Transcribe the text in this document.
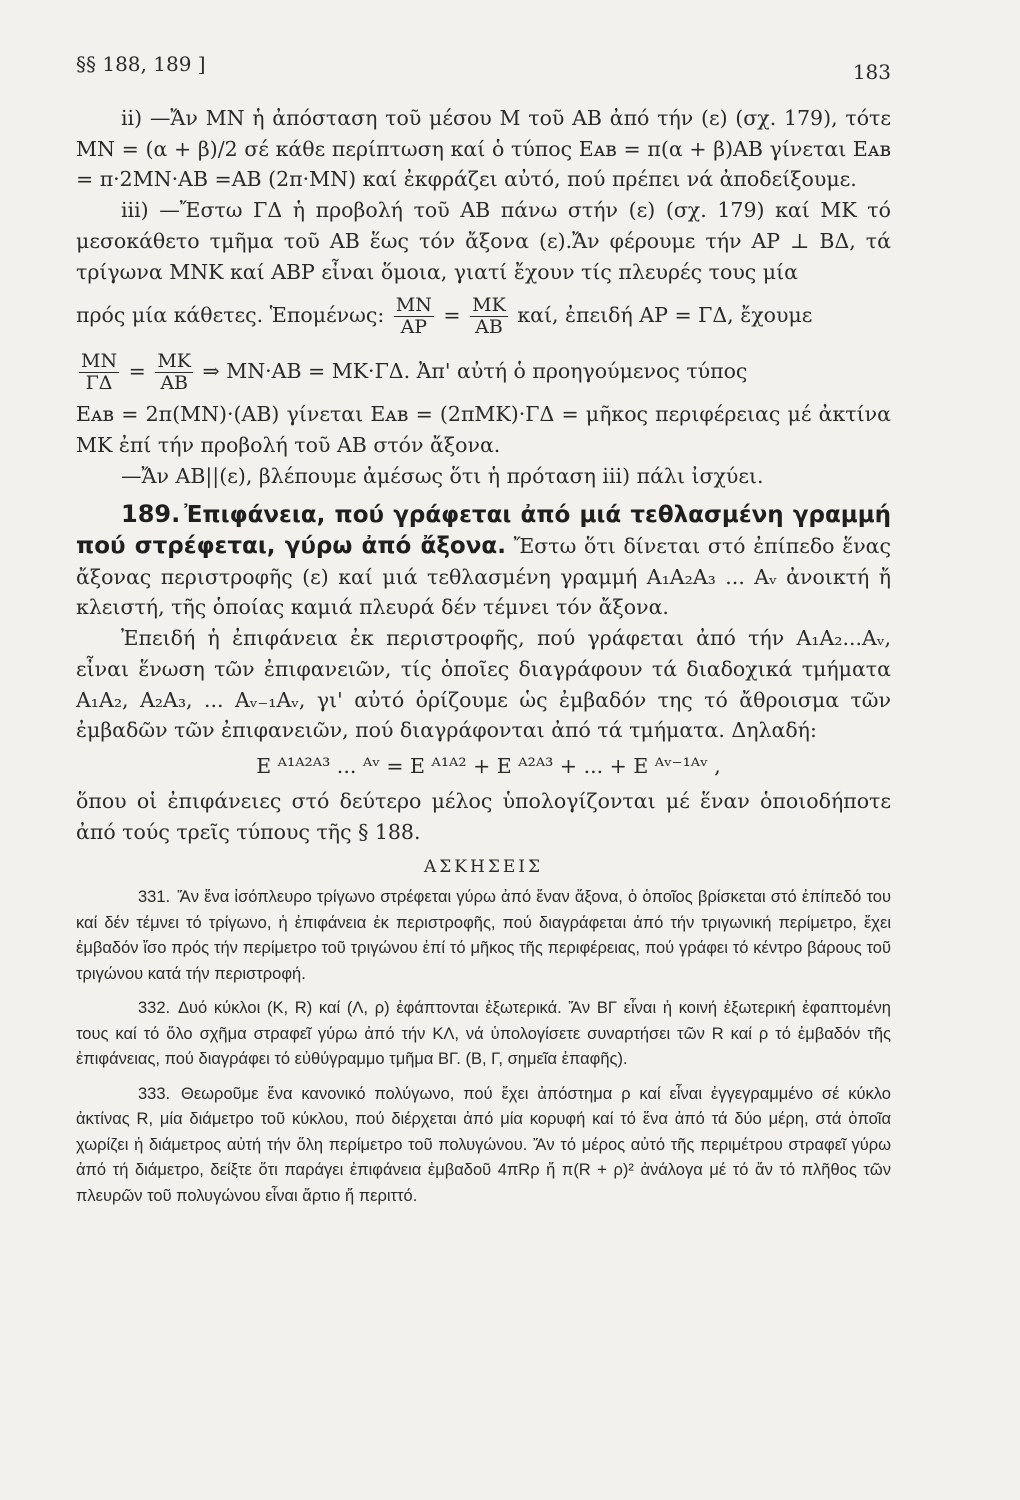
§§ 188, 189 ]	183

ii) —Ἄν ΜΝ ἡ ἀπόσταση τοῦ μέσου Μ τοῦ ΑΒ ἀπό τήν (ε) (σχ. 179), τότε ΜΝ = (α + β)/2 σέ κάθε περίπτωση καί ὁ τύπος Eᴀʙ = π(α + β)ΑΒ γίνεται Eᴀʙ = π·2ΜΝ·ΑΒ =ΑΒ (2π·ΜΝ) καί ἐκφράζει αὐτό, πού πρέπει νά ἀποδείξουμε.

iii) —Ἔστω ΓΔ ἡ προβολή τοῦ ΑΒ πάνω στήν (ε) (σχ. 179) καί ΜΚ τό μεσοκάθετο τμῆμα τοῦ ΑΒ ἕως τόν ἄξονα (ε).Ἄν φέρουμε τήν ΑΡ ⊥ ΒΔ, τά τρίγωνα ΜΝΚ καί ΑΒΡ εἶναι ὅμοια, γιατί ἔχουν τίς πλευρές τους μία

πρός μία κάθετες. Ἑπομένως: $\frac{MN}{AP} = \frac{MK}{AB} \kappa\alpha ί$, ἐπειδή ΑΡ = ΓΔ, ἔχουμε
$\frac{MN}{\Gamma\Delta} = \frac{MK}{AB}$ ⇒ ΜΝ·ΑΒ = ΜΚ·ΓΔ. Ἀπ' αὐτή ὁ προηγούμενος τύπος

Eᴀʙ = 2π(ΜΝ)·(ΑΒ) γίνεται Eᴀʙ = (2πΜΚ)·ΓΔ = μῆκος περιφέρειας μέ ἀκτίνα ΜΚ ἐπί τήν προβολή τοῦ ΑΒ στόν ἄξονα.

—Ἄν ΑΒ||(ε), βλέπουμε ἀμέσως ὅτι ἡ πρόταση iii) πάλι ἰσχύει.

189. Ἐπιφάνεια, πού γράφεται ἀπό μιά τεθλασμένη γραμμή πού στρέφεται, γύρω ἀπό ἄξονα. Ἔστω ὅτι δίνεται στό ἐπίπεδο ἕνας ἄξονας περιστροφῆς (ε) καί μιά τεθλασμένη γραμμή Α₁Α₂Α₃ ... Αᵥ ἀνοικτή ἤ κλειστή, τῆς ὁποίας καμιά πλευρά δέν τέμνει τόν ἄξονα.

Ἐπειδή ἡ ἐπιφάνεια ἐκ περιστροφῆς, πού γράφεται ἀπό τήν Α₁Α₂...Αᵥ, εἶναι ἕνωση τῶν ἐπιφανειῶν, τίς ὁποῖες διαγράφουν τά διαδοχικά τμήματα Α₁Α₂, Α₂Α₃, ... Αᵥ₋₁Αᵥ, γι' αὐτό ὁρίζουμε ὡς ἐμβαδόν της τό ἄθροισμα τῶν ἐμβαδῶν τῶν ἐπιφανειῶν, πού διαγράφονται ἀπό τά τμήματα. Δηλαδή:

E ᴬ¹ᴬ²ᴬ³ ... ᴬᵛ = E ᴬ¹ᴬ² + E ᴬ²ᴬ³ + ... + E ᴬᵛ⁻¹ᴬᵛ ,

ὅπου οἱ ἐπιφάνειες στό δεύτερο μέλος ὑπολογίζονται μέ ἕναν ὁποιοδήποτε ἀπό τούς τρεῖς τύπους τῆς § 188.

ΑΣΚΗΣΕΙΣ

331. Ἄν ἕνα ἰσόπλευρο τρίγωνο στρέφεται γύρω ἀπό ἕναν ἄξονα, ὁ ὁποῖος βρίσκεται στό ἐπίπεδό του καί δέν τέμνει τό τρίγωνο, ἡ ἐπιφάνεια ἐκ περιστροφῆς, πού διαγράφεται ἀπό τήν τριγωνική περίμετρο, ἔχει ἐμβαδόν ἴσο πρός τήν περίμετρο τοῦ τριγώνου ἐπί τό μῆκος τῆς περιφέρειας, πού γράφει τό κέντρο βάρους τοῦ τριγώνου κατά τήν περιστροφή.

332. Δυό κύκλοι (Κ, R) καί (Λ, ρ) ἐφάπτονται ἐξωτερικά. Ἄν ΒΓ εἶναι ἡ κοινή ἐξωτερική ἐφαπτομένη τους καί τό ὅλο σχῆμα στραφεῖ γύρω ἀπό τήν ΚΛ, νά ὑπολογίσετε συναρτήσει τῶν R καί ρ τό ἐμβαδόν τῆς ἐπιφάνειας, πού διαγράφει τό εὐθύγραμμο τμῆμα ΒΓ. (Β, Γ, σημεῖα ἐπαφῆς).

333. Θεωροῦμε ἕνα κανονικό πολύγωνο, πού ἔχει ἀπόστημα ρ καί εἶναι ἐγγεγραμμένο σέ κύκλο ἀκτίνας R, μία διάμετρο τοῦ κύκλου, πού διέρχεται ἀπό μία κορυφή καί τό ἕνα ἀπό τά δύο μέρη, στά ὁποῖα χωρίζει ἡ διάμετρος αὐτή τήν ὅλη περίμετρο τοῦ πολυγώνου. Ἄν τό μέρος αὐτό τῆς περιμέτρου στραφεῖ γύρω ἀπό τή διάμετρο, δείξτε ὅτι παράγει ἐπιφάνεια ἐμβαδοῦ 4πRρ ἤ π(R + ρ)² ἀνάλογα μέ τό ἄν τό πλῆθος τῶν πλευρῶν τοῦ πολυγώνου εἶναι ἄρτιο ἤ περιττό.
